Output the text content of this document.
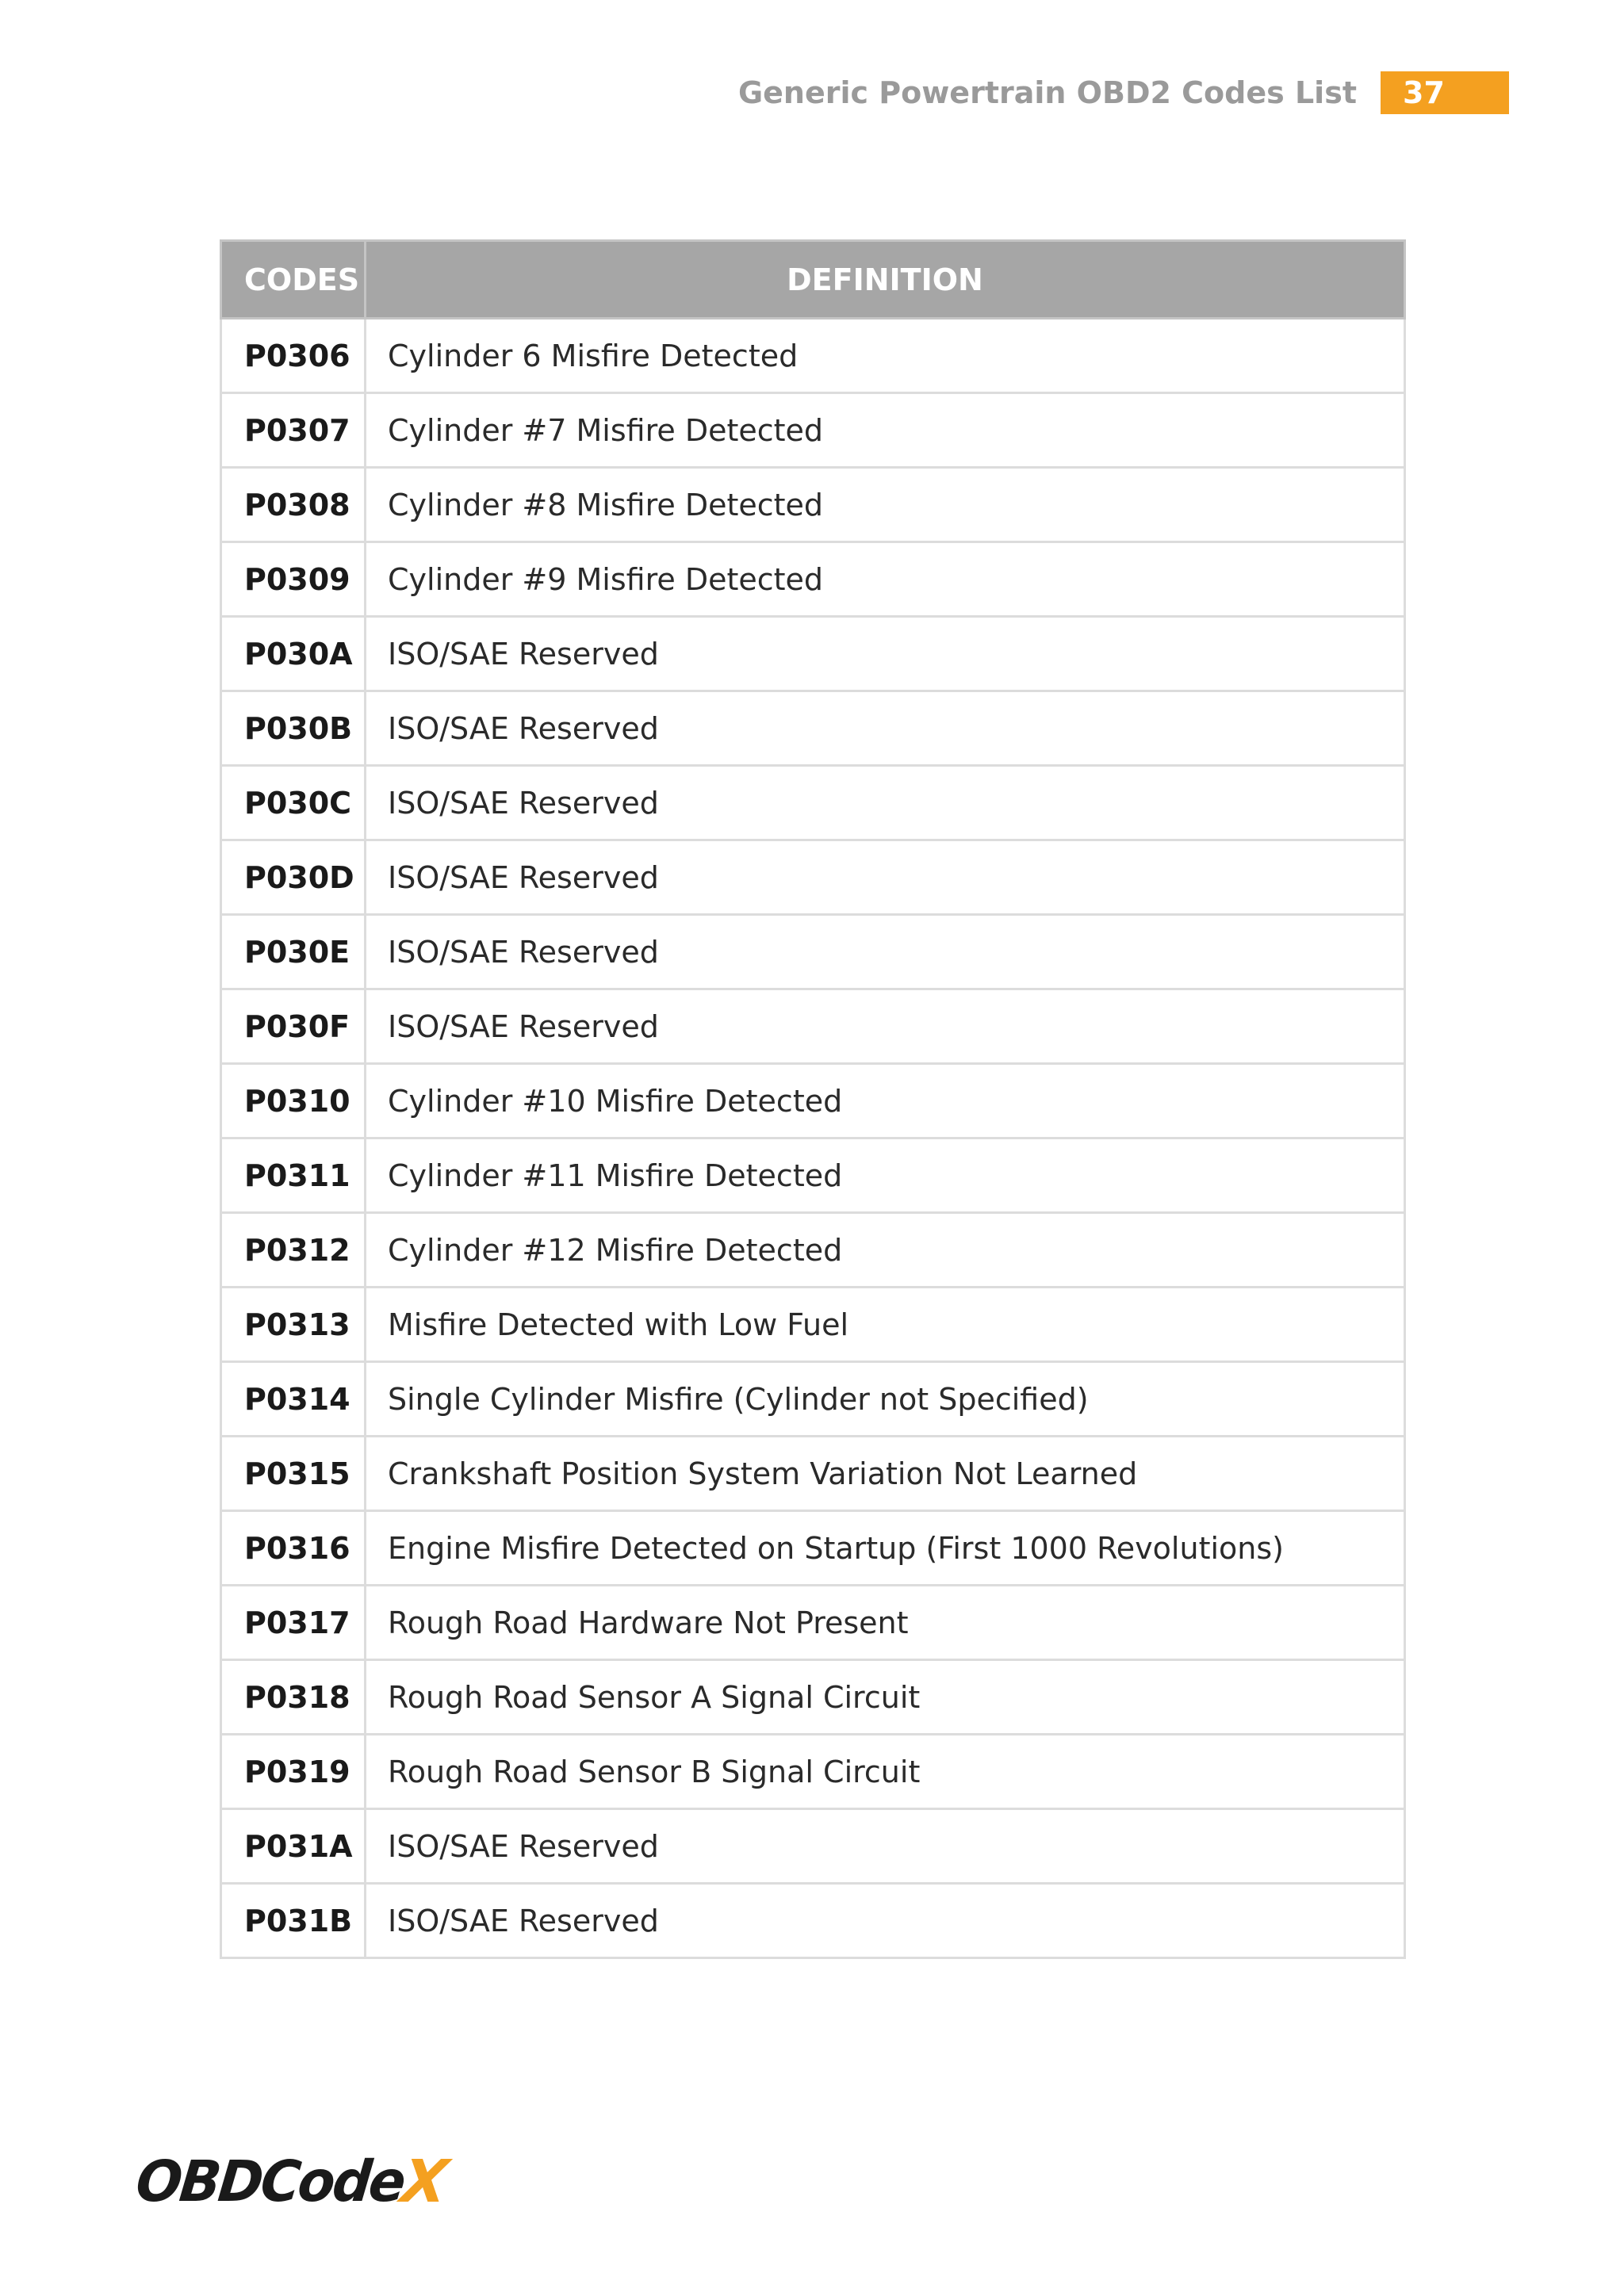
Generic Powertrain OBD2 Codes List	37
CODES	DEFINITION
P0306	Cylinder 6 Misfire Detected
P0307	Cylinder #7 Misfire Detected
P0308	Cylinder #8 Misfire Detected
P0309	Cylinder #9 Misfire Detected
P030A	ISO/SAE Reserved
P030B	ISO/SAE Reserved
P030C	ISO/SAE Reserved
P030D	ISO/SAE Reserved
P030E	ISO/SAE Reserved
P030F	ISO/SAE Reserved
P0310	Cylinder #10 Misfire Detected
P0311	Cylinder #11 Misfire Detected
P0312	Cylinder #12 Misfire Detected
P0313	Misfire Detected with Low Fuel
P0314	Single Cylinder Misfire (Cylinder not Specified)
P0315	Crankshaft Position System Variation Not Learned
P0316	Engine Misfire Detected on Startup (First 1000 Revolutions)
P0317	Rough Road Hardware Not Present
P0318	Rough Road Sensor A Signal Circuit
P0319	Rough Road Sensor B Signal Circuit
P031A	ISO/SAE Reserved
P031B	ISO/SAE Reserved
OBDCode
X
